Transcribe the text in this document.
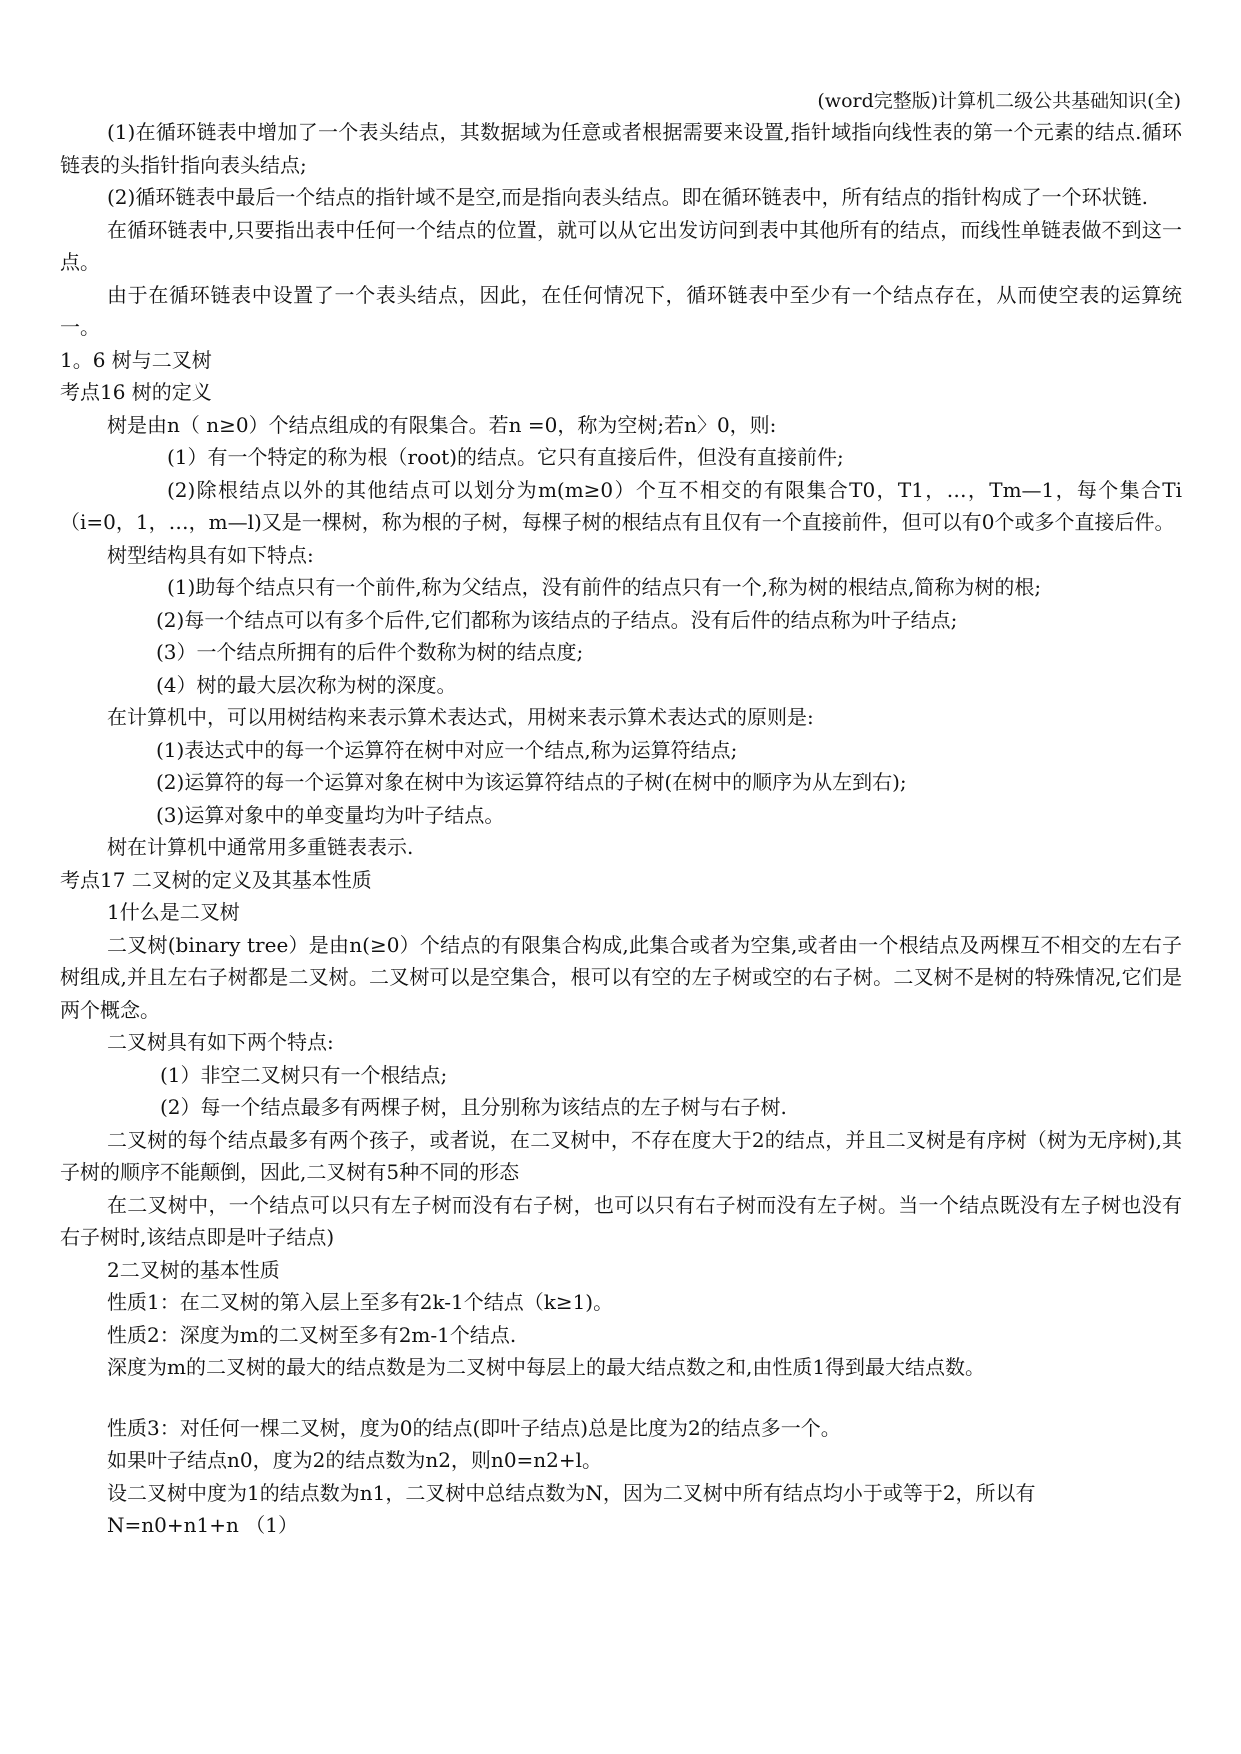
(word完整版)计算机二级公共基础知识(全)

(1)在循环链表中增加了一个表头结点，其数据域为任意或者根据需要来设置,指针域指向线性表的第一个元素的结点.循环链表的头指针指向表头结点;

(2)循环链表中最后一个结点的指针域不是空,而是指向表头结点。即在循环链表中，所有结点的指针构成了一个环状链.

在循环链表中,只要指出表中任何一个结点的位置，就可以从它出发访问到表中其他所有的结点，而线性单链表做不到这一点。

由于在循环链表中设置了一个表头结点，因此，在任何情况下，循环链表中至少有一个结点存在，从而使空表的运算统一。

1。6 树与二叉树

考点16 树的定义

树是由n（ n≥0）个结点组成的有限集合。若n =0，称为空树;若n〉0，则:

(1）有一个特定的称为根（root)的结点。它只有直接后件，但没有直接前件;

(2)除根结点以外的其他结点可以划分为m(m≥0）个互不相交的有限集合T0，T1，…，Tm—1，每个集合Ti（i=0，1，…，m—l)又是一棵树，称为根的子树，每棵子树的根结点有且仅有一个直接前件，但可以有0个或多个直接后件。

树型结构具有如下特点:

(1)助每个结点只有一个前件,称为父结点，没有前件的结点只有一个,称为树的根结点,简称为树的根;

(2)每一个结点可以有多个后件,它们都称为该结点的子结点。没有后件的结点称为叶子结点;

(3）一个结点所拥有的后件个数称为树的结点度;

(4）树的最大层次称为树的深度。

在计算机中，可以用树结构来表示算术表达式，用树来表示算术表达式的原则是:

(1)表达式中的每一个运算符在树中对应一个结点,称为运算符结点;

(2)运算符的每一个运算对象在树中为该运算符结点的子树(在树中的顺序为从左到右);

(3)运算对象中的单变量均为叶子结点。

树在计算机中通常用多重链表表示.

考点17 二叉树的定义及其基本性质

1什么是二叉树

二叉树(binary tree）是由n(≥0）个结点的有限集合构成,此集合或者为空集,或者由一个根结点及两棵互不相交的左右子树组成,并且左右子树都是二叉树。二叉树可以是空集合，根可以有空的左子树或空的右子树。二叉树不是树的特殊情况,它们是两个概念。

二叉树具有如下两个特点:

(1）非空二叉树只有一个根结点;

(2）每一个结点最多有两棵子树，且分别称为该结点的左子树与右子树.

二叉树的每个结点最多有两个孩子，或者说，在二叉树中，不存在度大于2的结点，并且二叉树是有序树（树为无序树),其子树的顺序不能颠倒，因此,二叉树有5种不同的形态

在二叉树中，一个结点可以只有左子树而没有右子树，也可以只有右子树而没有左子树。当一个结点既没有左子树也没有右子树时,该结点即是叶子结点)

2二叉树的基本性质

性质1：在二叉树的第入层上至多有2k-1个结点（k≥1)。

性质2：深度为m的二叉树至多有2m-1个结点.

深度为m的二叉树的最大的结点数是为二叉树中每层上的最大结点数之和,由性质1得到最大结点数。

性质3：对任何一棵二叉树，度为0的结点(即叶子结点)总是比度为2的结点多一个。

如果叶子结点n0，度为2的结点数为n2，则n0=n2+l。

设二叉树中度为1的结点数为n1，二叉树中总结点数为N，因为二叉树中所有结点均小于或等于2，所以有

N=n0+n1+n （1）
